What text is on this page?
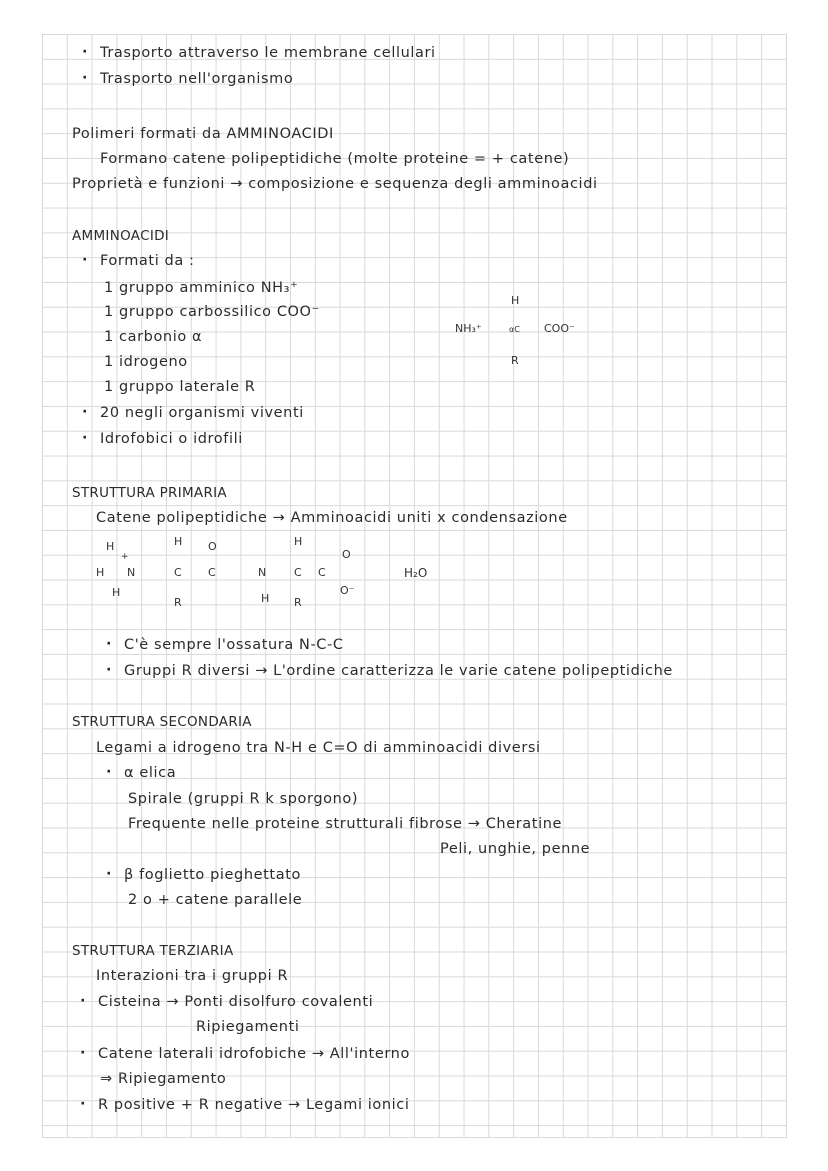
· Trasporto attraverso le membrane cellulari
· Trasporto nell'organismo
Polimeri formati da AMMINOACIDI
Formano catene polipeptidiche (molte proteine = + catene)
Proprietà e funzioni → composizione e sequenza degli amminoacidi
AMMINOACIDI
· Formati da :
1 gruppo amminico NH₃⁺
1 gruppo carbossilico COO⁻
1 carbonio α
1 idrogeno
1 gruppo laterale R
· 20 negli organismi viventi
· Idrofobici o idrofili
NH₃⁺	αC COO⁻
H
R
STRUTTURA PRIMARIA
Catene polipeptidiche → Amminoacidi uniti x condensazione
H
+
H N
H
H
C
R
O
C	N
H
H
C
R
C
O
O⁻
H₂O
· C'è sempre l'ossatura N-C-C
· Gruppi R diversi → L'ordine caratterizza le varie catene polipeptidiche
STRUTTURA SECONDARIA
Legami a idrogeno tra N-H e C=O di amminoacidi diversi
· α elica
Spirale (gruppi R k sporgono)
Frequente nelle proteine strutturali fibrose → Cheratine
Peli, unghie, penne
· β foglietto pieghettato
2 o + catene parallele
STRUTTURA TERZIARIA
Interazioni tra i gruppi R
· Cisteina → Ponti disolfuro covalenti
Ripiegamenti
· Catene laterali idrofobiche → All'interno
⇒ Ripiegamento
· R positive + R negative → Legami ionici
